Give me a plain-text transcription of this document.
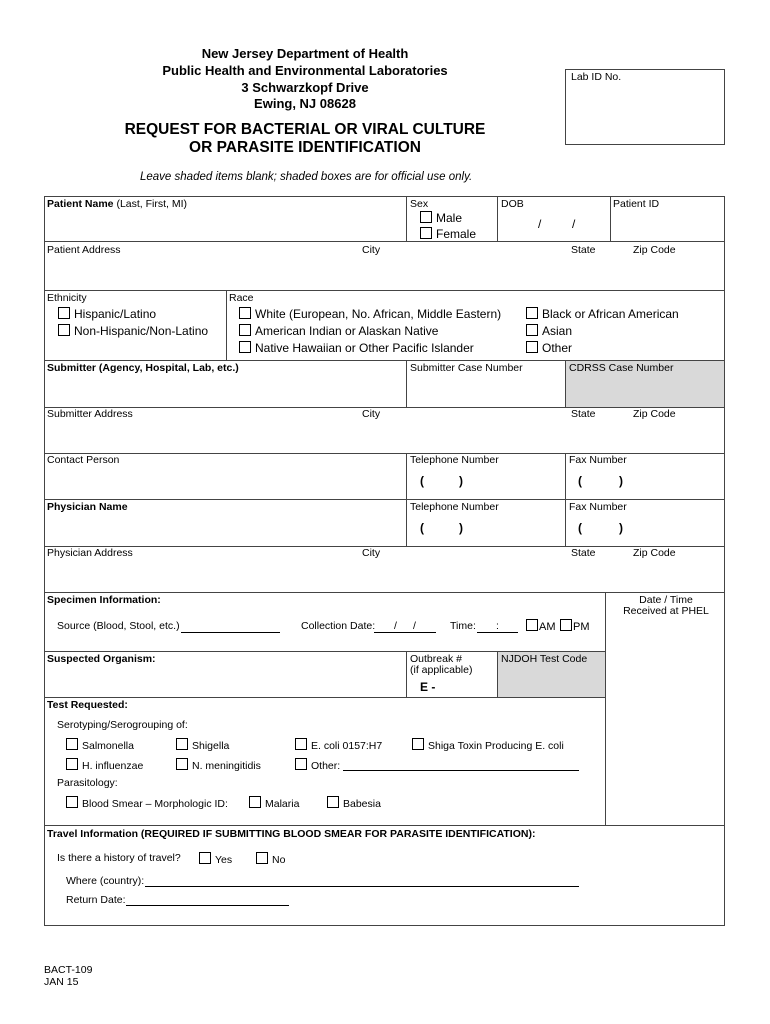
New Jersey Department of Health
Public Health and Environmental Laboratories
3 Schwarzkopf Drive
Ewing, NJ 08628
REQUEST FOR BACTERIAL OR VIRAL CULTURE
OR PARASITE IDENTIFICATION
Leave shaded items blank; shaded boxes are for official use only.
Lab ID No.
Patient Name (Last, First, MI)	Sex
Male
Female
DOB
/	/
Patient ID
Patient Address	City	State	Zip Code
Ethnicity
Hispanic/Latino
Non-Hispanic/Non-Latino
Race
White (European, No. African, Middle Eastern)
American Indian or Alaskan Native
Native Hawaiian or Other Pacific Islander
Black or African American
Asian
Other
Submitter (Agency, Hospital, Lab, etc.)	Submitter Case Number	CDRSS Case Number
Submitter Address	City	State	Zip Code
Contact Person	Telephone Number	Fax Number
(	)	(	)
Physician Name	Telephone Number	Fax Number
(	)	(	)
Physician Address	City	State	Zip Code
Specimen Information:
Source (Blood, Stool, etc.)	Collection Date: / /	Time: :	AM	PM
Date / Time
Received at PHEL
Suspected Organism:	Outbreak #
(if applicable)
E -
NJDOH Test Code
Test Requested:
Serotyping/Serogrouping of:
Salmonella	Shigella	E. coli 0157:H7	Shiga Toxin Producing E. coli
H. influenzae	N. meningitidis	Other:
Parasitology:
Blood Smear – Morphologic ID:	Malaria	Babesia
Travel Information (REQUIRED IF SUBMITTING BLOOD SMEAR FOR PARASITE IDENTIFICATION):
Is there a history of travel?	Yes	No
Where (country):
Return Date:
BACT-109
JAN 15
